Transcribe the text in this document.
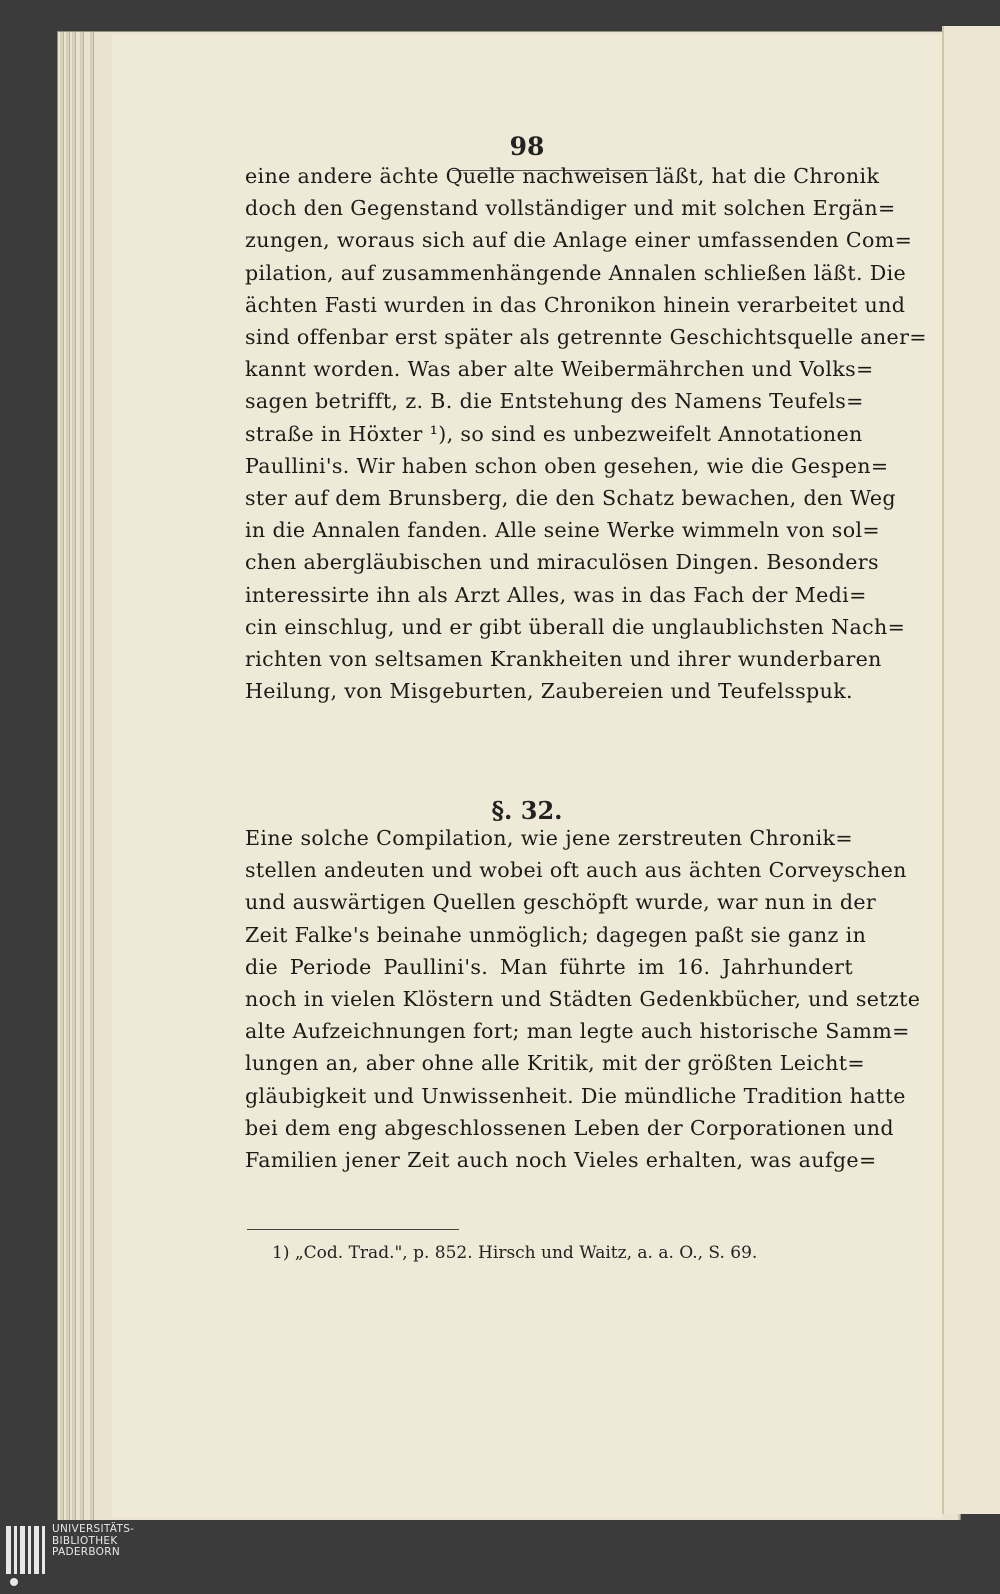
98
eine andere ächte Quelle nachweisen läßt, hat die Chronik
doch den Gegenstand vollständiger und mit solchen Ergän=
zungen, woraus sich auf die Anlage einer umfassenden Com=
pilation, auf zusammenhängende Annalen schließen läßt. Die
ächten Fasti wurden in das Chronikon hinein verarbeitet und
sind offenbar erst später als getrennte Geschichtsquelle aner=
kannt worden. Was aber alte Weibermährchen und Volks=
sagen betrifft, z. B. die Entstehung des Namens Teufels=
straße in Höxter ¹), so sind es unbezweifelt Annotationen
Paullini's. Wir haben schon oben gesehen, wie die Gespen=
ster auf dem Brunsberg, die den Schatz bewachen, den Weg
in die Annalen fanden. Alle seine Werke wimmeln von sol=
chen abergläubischen und miraculösen Dingen. Besonders
interessirte ihn als Arzt Alles, was in das Fach der Medi=
cin einschlug, und er gibt überall die unglaublichsten Nach=
richten von seltsamen Krankheiten und ihrer wunderbaren
Heilung, von Misgeburten, Zaubereien und Teufelsspuk.
§. 32.
Eine solche Compilation, wie jene zerstreuten Chronik=
stellen andeuten und wobei oft auch aus ächten Corveyschen
und auswärtigen Quellen geschöpft wurde, war nun in der
Zeit Falke's beinahe unmöglich; dagegen paßt sie ganz in
die Periode Paullini's. Man führte im 16. Jahrhundert
noch in vielen Klöstern und Städten Gedenkbücher, und setzte
alte Aufzeichnungen fort; man legte auch historische Samm=
lungen an, aber ohne alle Kritik, mit der größten Leicht=
gläubigkeit und Unwissenheit. Die mündliche Tradition hatte
bei dem eng abgeschlossenen Leben der Corporationen und
Familien jener Zeit auch noch Vieles erhalten, was aufge=
1) „Cod. Trad.", p. 852. Hirsch und Waitz, a. a. O., S. 69.
UNIVERSITÄTS-
BIBLIOTHEK
PADERBORN
